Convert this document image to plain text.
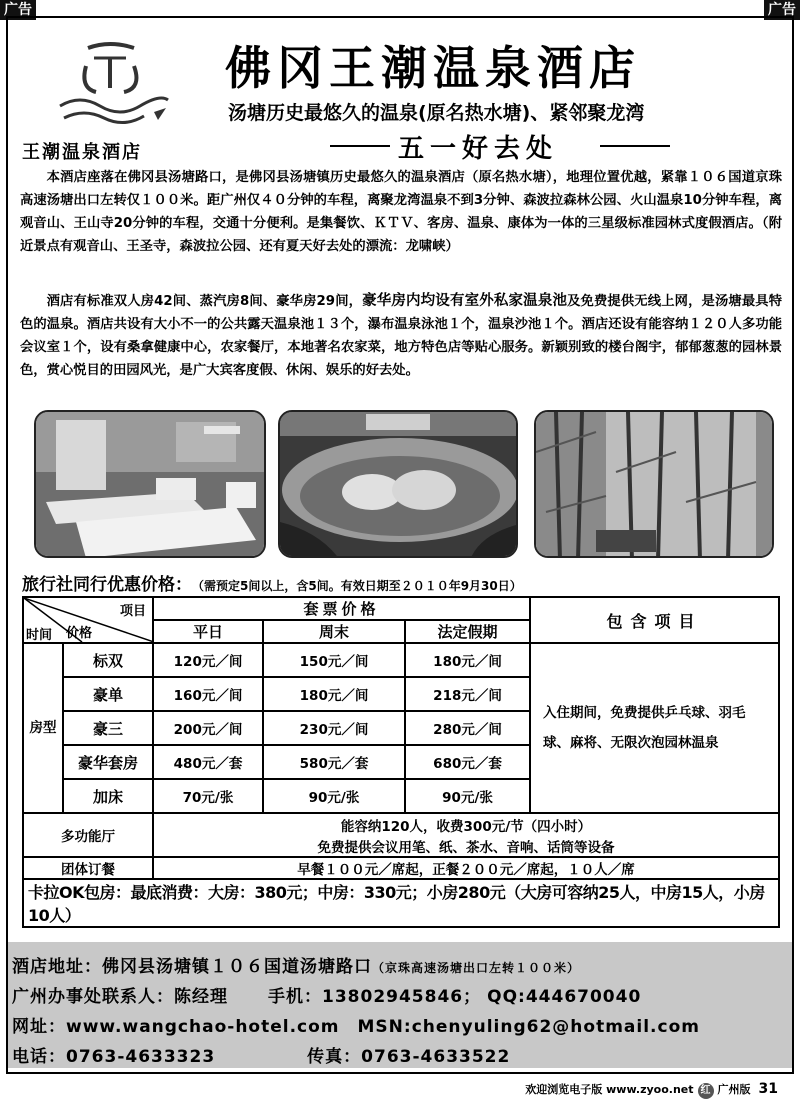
广告	广告
佛冈王潮温泉酒店
汤塘历史最悠久的温泉(原名热水塘)、紧邻聚龙湾
王潮温泉酒店	五一好去处

本酒店座落在佛冈县汤塘路口，是佛冈县汤塘镇历史最悠久的温泉酒店（原名热水塘），地理位置优越，紧靠１０６国道京珠高速汤塘出口左转仅１００米。距广州仅４０分钟的车程，离聚龙湾温泉不到3分钟、森波拉森林公园、火山温泉10分钟车程，离观音山、王山寺20分钟的车程，交通十分便利。是集餐饮、ＫＴＶ、客房、温泉、康体为一体的三星级标准园林式度假酒店。（附近景点有观音山、王圣寺，森波拉公园、还有夏天好去处的漂流：龙啸峡）

酒店有标准双人房42间、蒸汽房8间、豪华房29间，豪华房内均设有室外私家温泉池及免费提供无线上网，是汤塘最具特色的温泉。酒店共设有大小不一的公共露天温泉池１３个，瀑布温泉泳池１个，温泉沙池１个。酒店还设有能容纳１２０人多功能会议室１个，设有桑拿健康中心，农家餐厅，本地著名农家菜，地方特色店等贴心服务。新颖别致的楼台阁宇，郁郁葱葱的园林景色，赏心悦目的田园风光，是广大宾客度假、休闲、娱乐的好去处。

旅行社同行优惠价格： （需预定5间以上，含5间。有效日期至２０１０年9月30日）
项目
价格
时间		套票价格			包含项目
		平日	周末	法定假期	
房型	标双	120元／间	150元／间	180元／间	入住期间，免费提供乒乓球、羽毛球、麻将、无限次泡园林温泉
	豪单	160元／间	180元／间	218元／间	
	豪三	200元／间	230元／间	280元／间	
	豪华套房	480元／套	580元／套	680元／套	
	加床	70元/张	90元/张	90元/张	
多功能厅		能容纳120人，收费300元/节（四小时）			
		免费提供会议用笔、纸、茶水、音响、话筒等设备			
团体订餐		早餐１００元／席起，正餐２００元／席起，１０人／席			
卡拉OK包房：最底消费：大房：380元；中房：330元；小房280元（大房可容纳25人，中房15人，小房10人）					
酒店地址：佛冈县汤塘镇１０６国道汤塘路口（京珠高速汤塘出口左转１００米）
广州办事处联系人：陈经理 手机：13802945846； QQ:444670040
网址：www.wangchao-hotel.com MSN:chenyuling62@hotmail.com
电话：0763-4633323	传真：0763-4633522
欢迎浏览电子版 www.zyoo.net 红 广州版 31
